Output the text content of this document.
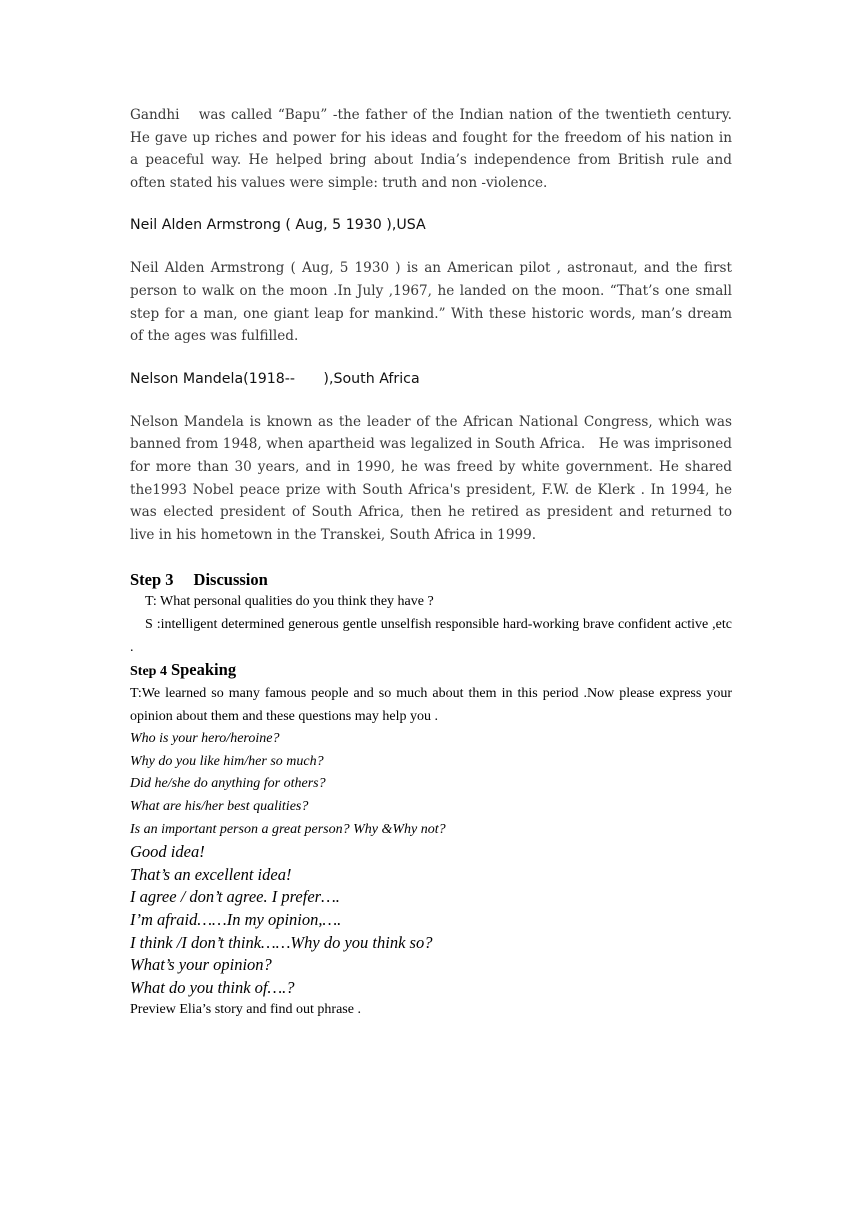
Gandhi  was called “Bapu” -the father of the Indian nation of the twentieth century. He gave up riches and power for his ideas and fought for the freedom of his nation in a peaceful way. He helped bring about India’s independence from British rule and often stated his values were simple: truth and non -violence.

Neil Alden Armstrong ( Aug, 5 1930 ),USA

Neil Alden Armstrong ( Aug, 5 1930 ) is an American pilot , astronaut, and the first person to walk on the moon .In July ,1967, he landed on the moon. “That’s one small step for a man, one giant leap for mankind.” With these historic words, man’s dream of the ages was fulfilled.

Nelson Mandela(1918--  ),South Africa

Nelson Mandela is known as the leader of the African National Congress, which was banned from 1948, when apartheid was legalized in South Africa. He was imprisoned for more than 30 years, and in 1990, he was freed by white government. He shared the1993 Nobel peace prize with South Africa's president, F.W. de Klerk . In 1994, he was elected president of South Africa, then he retired as president and returned to live in his hometown in the Transkei, South Africa in 1999.

Step 3 Discussion

T: What personal qualities do you think they have ?

S :intelligent determined generous gentle unselfish responsible hard-working brave confident active ,etc .

Step 4 Speaking

T:We learned so many famous people and so much about them in this period .Now please express your opinion about them and these questions may help you .

Who is your hero/heroine?
Why do you like him/her so much?
Did he/she do anything for others?
What are his/her best qualities?
Is an important person a great person? Why &Why not?
Good idea!
That’s an excellent idea!
I agree / don’t agree. I prefer….
I’m afraid……In my opinion,….
I think /I don’t think……Why do you think so?
What’s your opinion?
What do you think of….?

Preview Elia’s story and find out phrase .
